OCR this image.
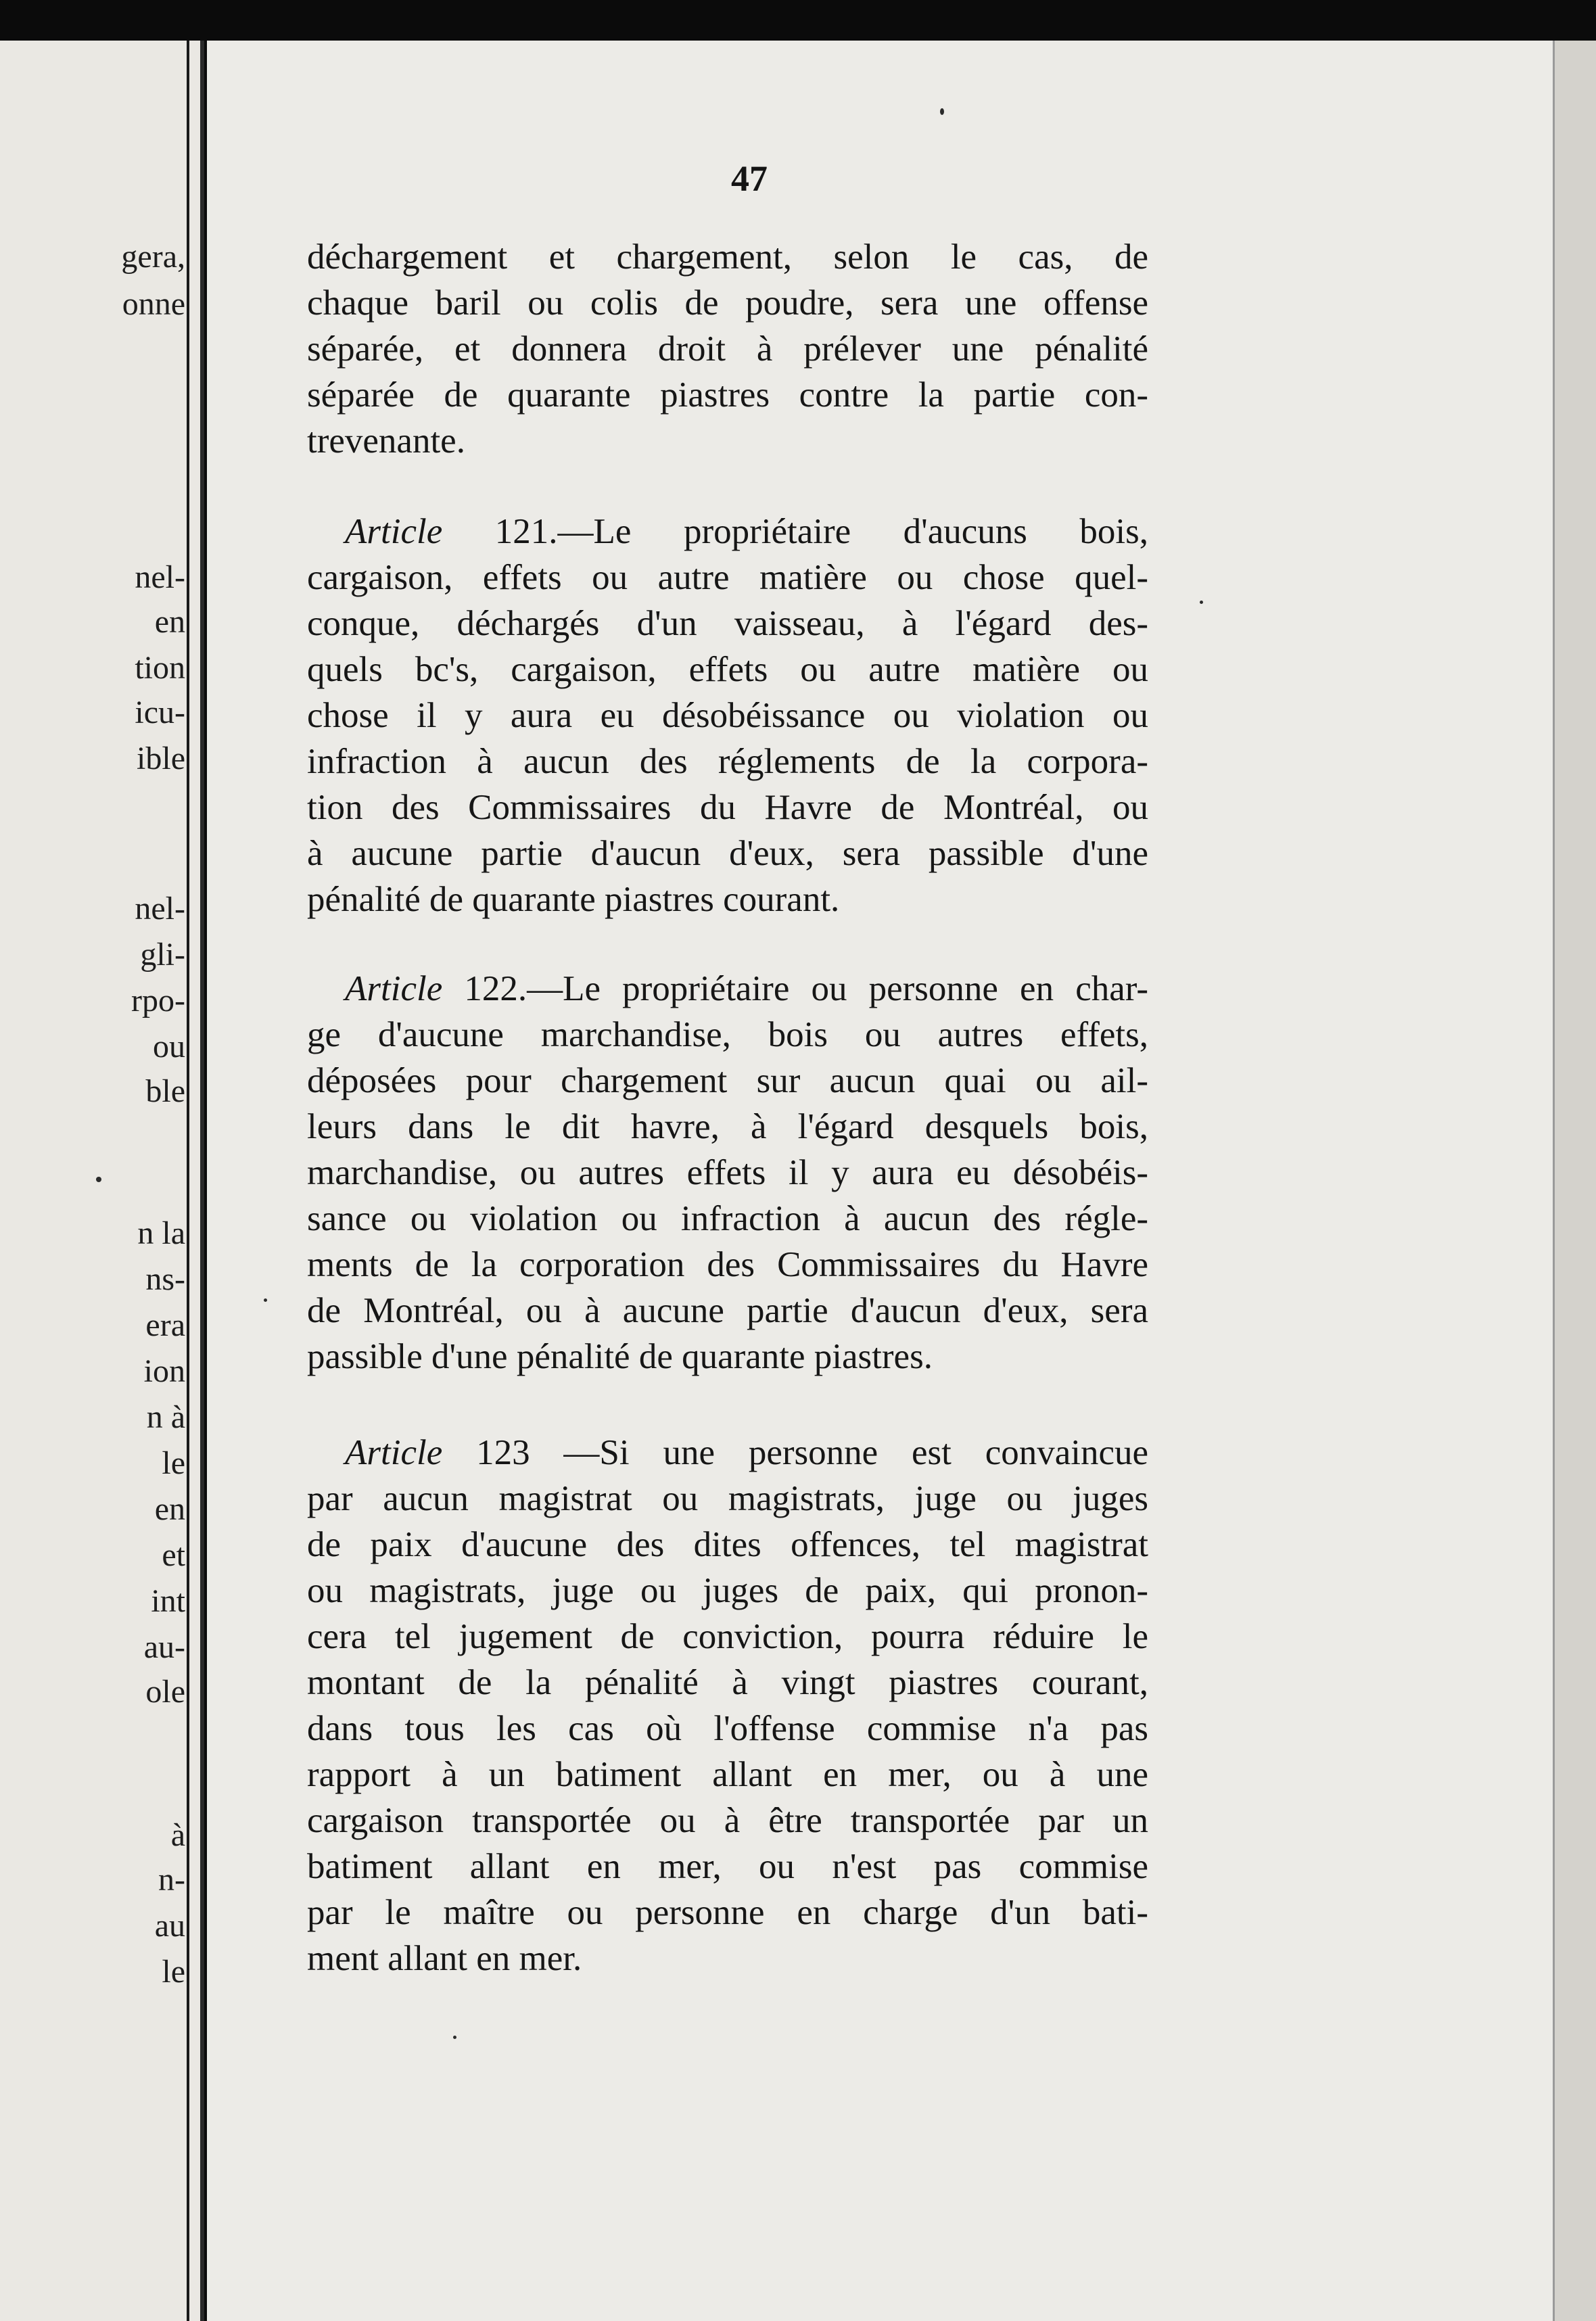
gera,
onne
nel-
en
tion
icu-
ible
nel-
gli-
rpo-
ou
ble
n la
ns-
era
ion
n à
le
en
et
int
au-
ole
à
n-
au
le
47
déchargement et chargement, selon le cas, de
chaque baril ou colis de poudre, sera une offense
séparée, et donnera droit à prélever une pénalité
séparée de quarante piastres contre la partie con-
trevenante.
Article 121.—Le propriétaire d'aucuns bois,
cargaison, effets ou autre matière ou chose quel-
conque, déchargés d'un vaisseau, à l'égard des-
quels bc's, cargaison, effets ou autre matière ou
chose il y aura eu désobéissance ou violation ou
infraction à aucun des réglements de la corpora-
tion des Commissaires du Havre de Montréal, ou
à aucune partie d'aucun d'eux, sera passible d'une
pénalité de quarante piastres courant.
Article 122.—Le propriétaire ou personne en char-
ge d'aucune marchandise, bois ou autres effets,
déposées pour chargement sur aucun quai ou ail-
leurs dans le dit havre, à l'égard desquels bois,
marchandise, ou autres effets il y aura eu désobéis-
sance ou violation ou infraction à aucun des régle-
ments de la corporation des Commissaires du Havre
de Montréal, ou à aucune partie d'aucun d'eux, sera
passible d'une pénalité de quarante piastres.
Article 123 —Si une personne est convaincue
par aucun magistrat ou magistrats, juge ou juges
de paix d'aucune des dites offences, tel magistrat
ou magistrats, juge ou juges de paix, qui pronon-
cera tel jugement de conviction, pourra réduire le
montant de la pénalité à vingt piastres courant,
dans tous les cas où l'offense commise n'a pas
rapport à un batiment allant en mer, ou à une
cargaison transportée ou à être transportée par un
batiment allant en mer, ou n'est pas commise
par le maître ou personne en charge d'un bati-
ment allant en mer.
